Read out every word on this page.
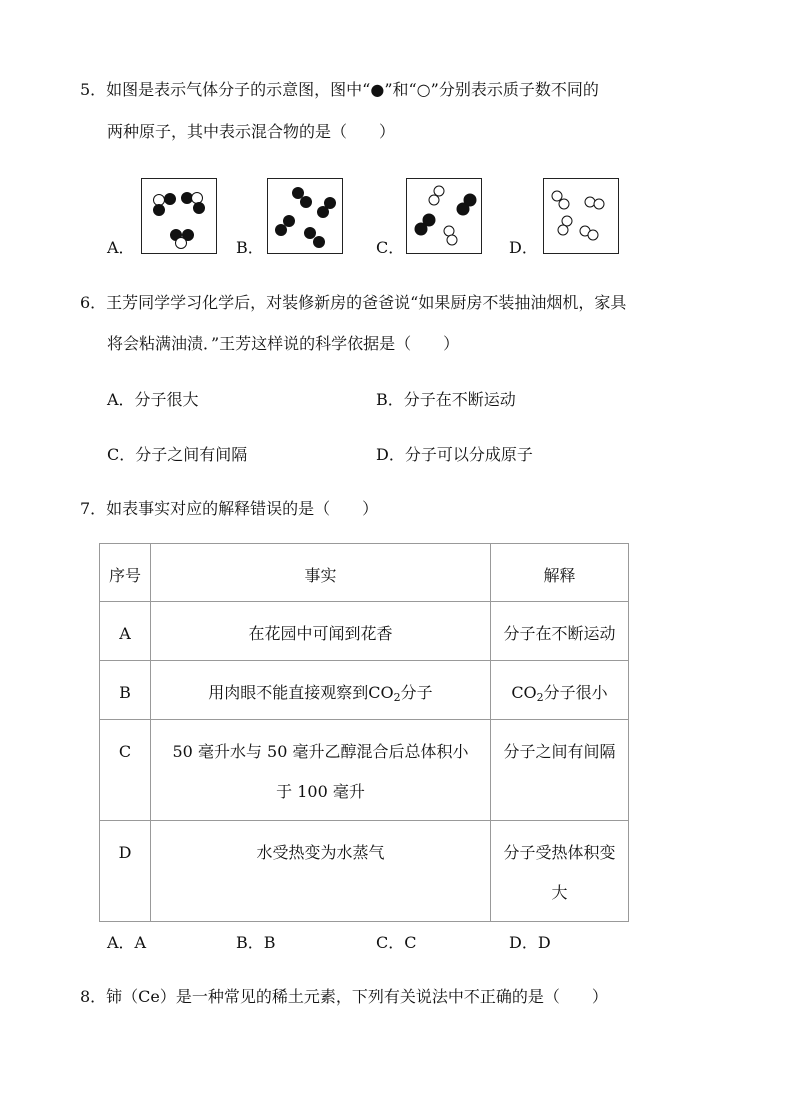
5．如图是表示气体分子的示意图，图中“●”和“○”分别表示质子数不同的
两种原子，其中表示混合物的是（　　）
A．	B．	C．	D．
6．王芳同学学习化学后，对装修新房的爸爸说“如果厨房不装抽油烟机，家具
将会粘满油渍．”王芳这样说的科学依据是（　　）
A．分子很大	B．分子在不断运动
C．分子之间有间隔	D．分子可以分成原子
7．如表事实对应的解释错误的是（　　）
序号	事实	解释
A	在花园中可闻到花香	分子在不断运动
B	用肉眼不能直接观察到$CO_2$分子	$CO_2$分子很小
C	50 毫升水与 50 毫升乙醇混合后总体积小
于 100 毫升	分子之间有间隔
D	水受热变为水蒸气	分子受热体积变
大
A．A	B．B	C．C	D．D
8．铈（Ce）是一种常见的稀土元素，下列有关说法中不正确的是（　　）
